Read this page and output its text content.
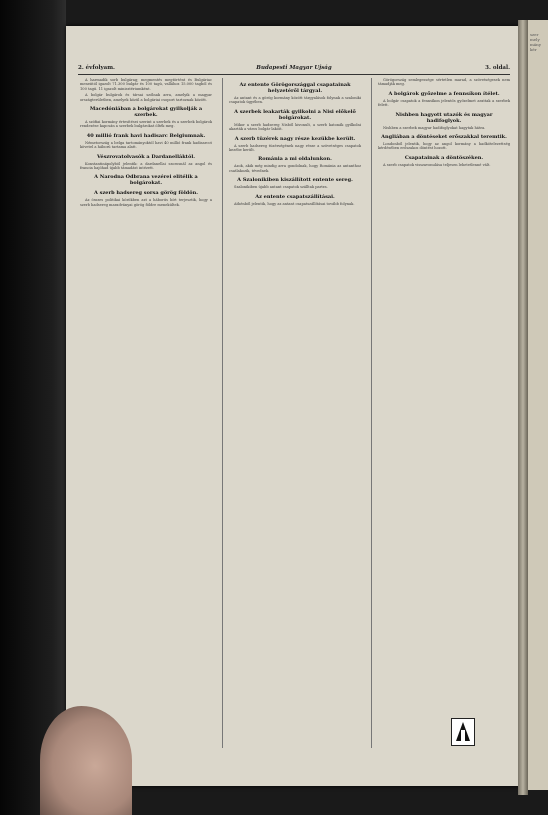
szer mely mány kér
2. évfolyam.	Budapesti Magyar Ujság	3. oldal.

A harmadik sorb bulgárag; megmentés megtörtént és Bulgáriac meneiitól igazolt 71.300 bulgár és 100 tagú, vallához 15.000 tagból és 100 tagú. 11 igazolt minisztériumként.

A bolgár bulgárok és társai szólnak arra, amelyik a magyar országterületben, amelyek közül a bolgáriai csoport tartoznak között.

Macedóniában a bolgárokat gyilkolják a szerbek.

A szófiai kormány értesítései szerint a szerbek és a szerbek bolgárok rendezése kapcsán a szerbek bulgárokat ölték meg.

40 millió frank havi hadisarc Belgiumnak.

Németország a belga tartományoktól havi 40 millió frank hadisarcot követel a háború tartama alatt.

Vészrovatolvasók a Dardanelláktól.

Konstantinápolyból jelentik: a dardanellai szorosnál az angol és francia hajóhad újabb támadást intézett.

A Narodna Odbrana vezérei elitélik a bolgárokat.
A szerb hadsereg sorsa görög földön.

Az összes politikai körökben azt a háborús hírt terjesztik, hogy a szerb hadsereg maradványai görög földre menekültek.

Az entente Görögországgal csapatainak helyzetéről tárgyal.

Az antant és a görög kormány között tárgyalások folynak a szaloniki csapatok ügyében.

A szerbek leakarták gyilkolni a Nisi előkelő bolgárokat.

Mikor a szerb hadsereg Nisből kivonult, a szerb katonák gyilkolni akarták a város bolgár lakóit.

A szerb tüzérek nagy része kezükbe került.

A szerb hadsereg tüzérségének nagy része a szövetséges csapatok kezébe került.

Románia a mi oldalunkon.

Azok, akik még mindig arra gondolnak, hogy Románia az antanthoz csatlakozik, tévednek.

A Szalonikiben kiszállított entente sereg.

Szalonikiben újabb antant csapatok szálltak partra.

Az entente csapatszállításai.

Athénből jelentik, hogy az antant csapatszállításai tovább folynak.

Görögország semlegessége sértetlen marad, a szövetségesek nem támadják meg.

A bolgárok győzelme a fennsíkon ítélet.

A bolgár csapatok a fennsíkon jelentős győzelmet arattak a szerbek felett.

Nishben hagyott utazók és magyar hadifoglyok.

Nishben a szerbek magyar hadifoglyokat hagytak hátra.

Angliában a döntéseket erőszakkal teremtik.

Londonból jelentik, hogy az angol kormány a hadkötelezettség kérdésében erőszakos döntést hozott.

Csapatainak a döntöszéken.

A szerb csapatok visszavonulása teljesen lehetetlenné vált.
